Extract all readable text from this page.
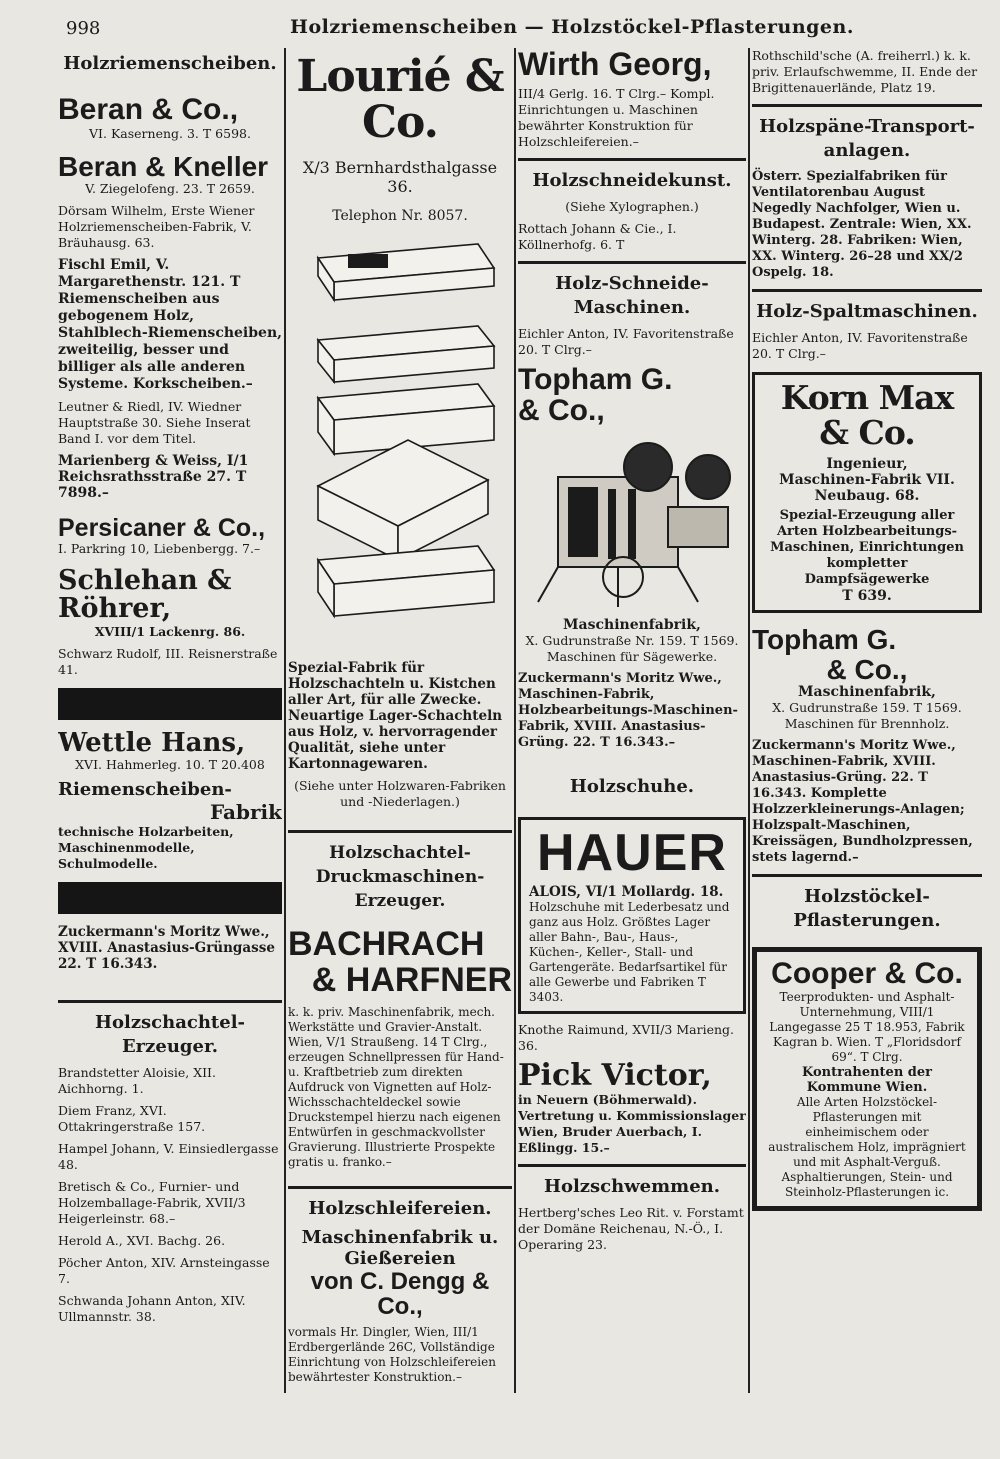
998	Holzriemenscheiben — Holzstöckel-Pflasterungen.
Holzriemenscheiben.
Beran & Co.,
VI. Kaserneng. 3. T 6598.
Beran & Kneller
V. Ziegelofeng. 23. T 2659.
Dörsam Wilhelm, Erste Wiener Holzriemenscheiben-Fabrik, V. Bräuhausg. 63.
Fischl Emil, V. Margarethenstr. 121. T Riemenscheiben aus gebogenem Holz, Stahlblech-Riemenscheiben, zweiteilig, besser und billiger als alle anderen Systeme. Korkscheiben.–
Leutner & Riedl, IV. Wiedner Hauptstraße 30. Siehe Inserat Band I. vor dem Titel.
Marienberg & Weiss, I/1 Reichsrathsstraße 27. T 7898.–
Persicaner & Co.,
I. Parkring 10, Liebenbergg. 7.–
Schlehan & Röhrer,
XVIII/1 Lackenrg. 86.
Schwarz Rudolf, III. Reisnerstraße 41.
Wettle Hans,
XVI. Hahmerleg. 10. T 20.408
Riemenscheiben-
Fabrik
technische Holzarbeiten, Maschinenmodelle, Schulmodelle.
Zuckermann's Moritz Wwe., XVIII. Anastasius-Grüngasse 22. T 16.343.
Holzschachtel-Erzeuger.
Brandstetter Aloisie, XII. Aichhorng. 1.
Diem Franz, XVI. Ottakringerstraße 157.
Hampel Johann, V. Einsiedlergasse 48.
Bretisch & Co., Furnier- und Holzemballage-Fabrik, XVII/3 Heigerleinstr. 68.–
Herold A., XVI. Bachg. 26.
Pöcher Anton, XIV. Arnsteingasse 7.
Schwanda Johann Anton, XIV. Ullmannstr. 38.
Lourié & Co.
X/3 Bernhardsthalgasse 36.
Telephon Nr. 8057.
Spezial-Fabrik für Holzschachteln u. Kistchen aller Art, für alle Zwecke. Neuartige Lager-Schachteln aus Holz, v. hervorragender Qualität, siehe unter Kartonnagewaren.
(Siehe unter Holzwaren-Fabriken und -Niederlagen.)
Holzschachtel-Druckmaschinen-Erzeuger.
BACHRACH
& HARFNER
k. k. priv. Maschinenfabrik, mech. Werkstätte und Gravier-Anstalt. Wien, V/1 Straußeng. 14 T Clrg., erzeugen Schnellpressen für Hand- u. Kraftbetrieb zum direkten Aufdruck von Vignetten auf Holz-Wichsschachteldeckel sowie Druckstempel hierzu nach eigenen Entwürfen in geschmackvollster Gravierung. Illustrierte Prospekte gratis u. franko.–
Holzschleifereien.
Maschinenfabrik u. Gießereien
von C. Dengg & Co.,
vormals Hr. Dingler, Wien, III/1 Erdbergerlände 26C, Vollständige Einrichtung von Holzschleifereien bewährtester Konstruktion.–
Wirth Georg,
III/4 Gerlg. 16. T Clrg.– Kompl. Einrichtungen u. Maschinen bewährter Konstruktion für Holzschleifereien.–
Holzschneidekunst.
(Siehe Xylographen.)
Rottach Johann & Cie., I. Köllnerhofg. 6. T
Holz-Schneide-Maschinen.
Eichler Anton, IV. Favoritenstraße 20. T Clrg.–
Topham G.
& Co.,
Maschinenfabrik,
X. Gudrunstraße Nr. 159. T 1569. Maschinen für Sägewerke.
Zuckermann's Moritz Wwe., Maschinen-Fabrik, Holzbearbeitungs-Maschinen-Fabrik, XVIII. Anastasius-Grüng. 22. T 16.343.–
Holzschuhe.
HAUER
ALOIS, VI/1 Mollardg. 18.
Holzschuhe mit Lederbesatz und ganz aus Holz. Größtes Lager aller Bahn-, Bau-, Haus-, Küchen-, Keller-, Stall- und Gartengeräte. Bedarfsartikel für alle Gewerbe und Fabriken T 3403.
Knothe Raimund, XVII/3 Marieng. 36.
Pick Victor,
in Neuern (Böhmerwald). Vertretung u. Kommissionslager Wien, Bruder Auerbach, I. Eßlingg. 15.–
Holzschwemmen.
Hertberg'sches Leo Rit. v. Forstamt der Domäne Reichenau, N.-Ö., I. Operaring 23.
Rothschild'sche (A. freiherrl.) k. k. priv. Erlaufschwemme, II. Ende der Brigittenauerlände, Platz 19.
Holzspäne-Transport-anlagen.
Österr. Spezialfabriken für Ventilatorenbau August Negedly Nachfolger, Wien u. Budapest. Zentrale: Wien, XX. Winterg. 28. Fabriken: Wien, XX. Winterg. 26–28 und XX/2 Ospelg. 18.
Holz-Spaltmaschinen.
Eichler Anton, IV. Favoritenstraße 20. T Clrg.–
Korn Max & Co.
Ingenieur,
Maschinen-Fabrik VII. Neubaug. 68.
Spezial-Erzeugung aller Arten Holzbearbeitungs-Maschinen, Einrichtungen kompletter Dampfsägewerke
T 639.
Topham G.
& Co.,
Maschinenfabrik,
X. Gudrunstraße 159. T 1569. Maschinen für Brennholz.
Zuckermann's Moritz Wwe., Maschinen-Fabrik, XVIII. Anastasius-Grüng. 22. T 16.343. Komplette Holzzerkleinerungs-Anlagen; Holzspalt-Maschinen, Kreissägen, Bundholzpressen, stets lagernd.–
Holzstöckel-Pflasterungen.
Cooper & Co.
Teerprodukten- und Asphalt-Unternehmung, VIII/1 Langegasse 25 T 18.953, Fabrik Kagran b. Wien. T „Floridsdorf 69“. T Clrg.
Kontrahenten der Kommune Wien.
Alle Arten Holzstöckel-Pflasterungen mit einheimischem oder australischem Holz, imprägniert und mit Asphalt-Verguß. Asphaltierungen, Stein- und Steinholz-Pflasterungen ic.
